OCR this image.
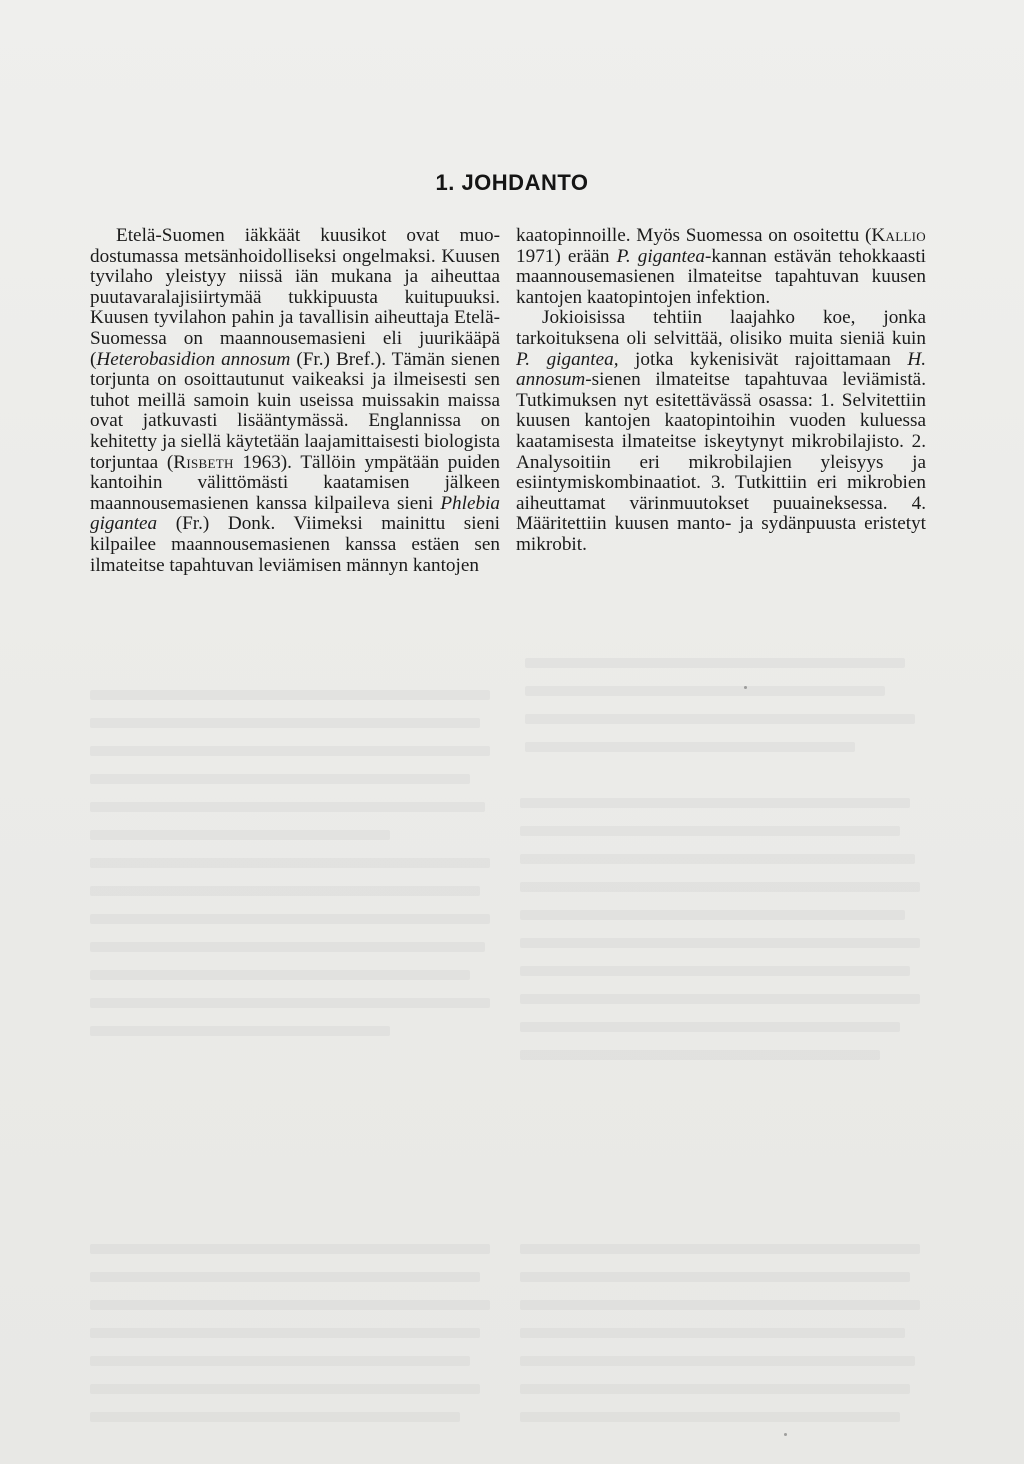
1. JOHDANTO

Etelä-Suomen iäkkäät kuusikot ovat muodostumassa metsänhoidolliseksi ongelmaksi. Kuusen tyvilaho yleistyy niissä iän mukana ja aiheuttaa puutavaralajisiirtymää tukkipuusta kuitupuuksi. Kuusen tyvilahon pahin ja tavallisin aiheuttaja Etelä-Suomessa on maannousemasieni eli juurikääpä (Heterobasidion annosum (Fr.) Bref.). Tämän sienen torjunta on osoittautunut vaikeaksi ja ilmeisesti sen tuhot meillä samoin kuin useissa muissakin maissa ovat jatkuvasti lisääntymässä. Englannissa on kehitetty ja siellä käytetään laajamittaisesti biologista torjuntaa (Risbeth 1963). Tällöin ympätään puiden kantoihin välittömästi kaatamisen jälkeen maannousemasienen kanssa kilpaileva sieni Phlebia gigantea (Fr.) Donk. Viimeksi mainittu sieni kilpailee maannousemasienen kanssa estäen sen ilmateitse tapahtuvan leviämisen männyn kantojen

kaatopinnoille. Myös Suomessa on osoitettu (Kallio 1971) erään P. gigantea-kannan estävän tehokkaasti maannousemasienen ilmateitse tapahtuvan kuusen kantojen kaatopintojen infektion.

Jokioisissa tehtiin laajahko koe, jonka tarkoituksena oli selvittää, olisiko muita sieniä kuin P. gigantea, jotka kykenisivät rajoittamaan H. annosum-sienen ilmateitse tapahtuvaa leviämistä. Tutkimuksen nyt esitettävässä osassa: 1. Selvitettiin kuusen kantojen kaatopintoihin vuoden kuluessa kaatamisesta ilmateitse iskeytynyt mikrobilajisto. 2. Analysoitiin eri mikrobilajien yleisyys ja esiintymiskombinaatiot. 3. Tutkittiin eri mikrobien aiheuttamat värinmuutokset puuaineksessa. 4. Määritettiin kuusen manto- ja sydänpuusta eristetyt mikrobit.
